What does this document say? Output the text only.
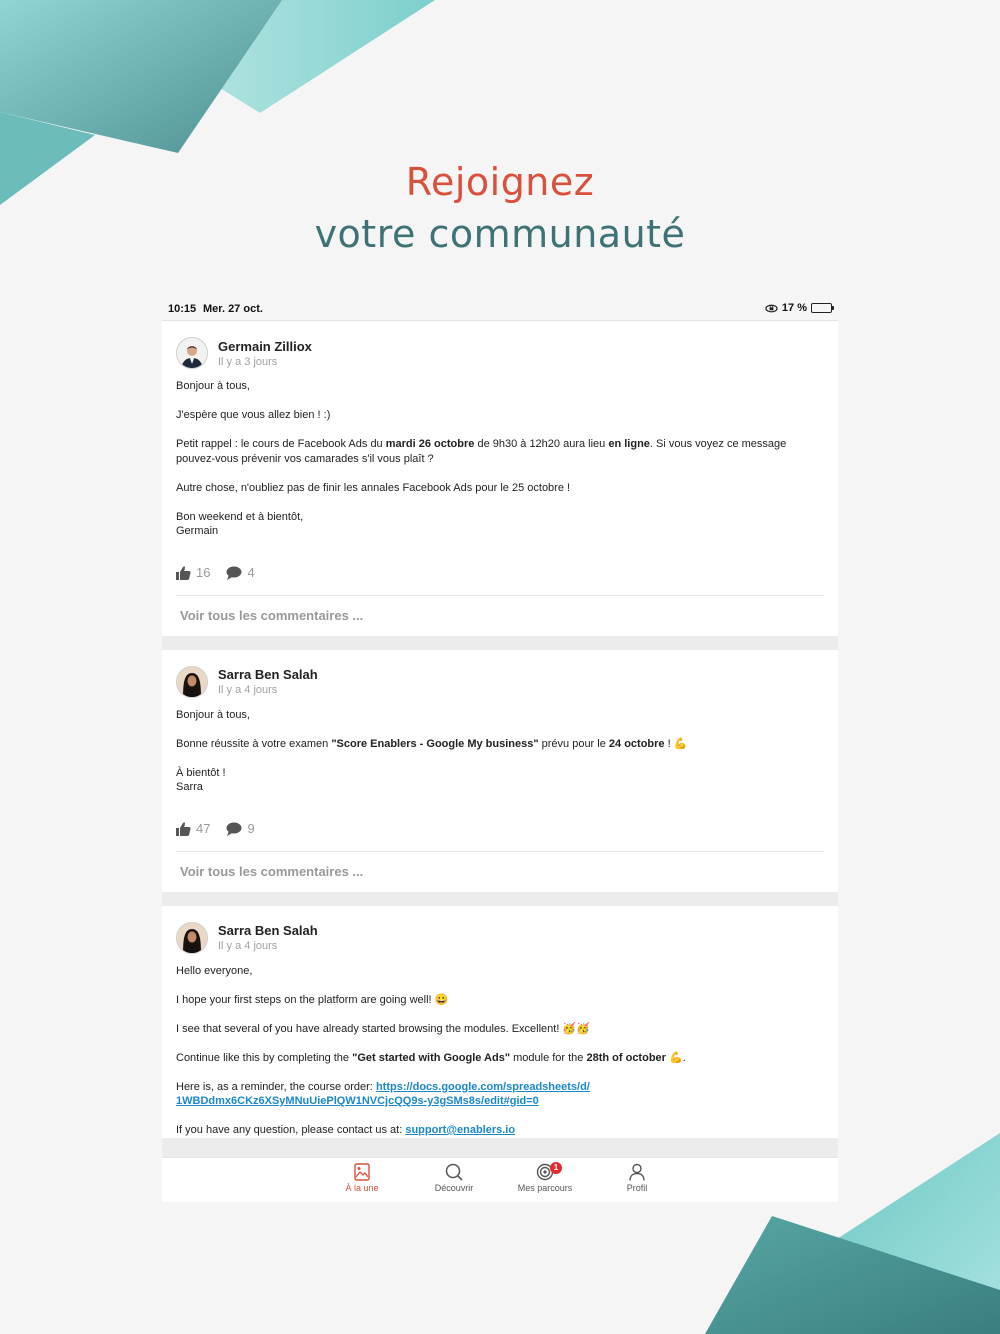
Rejoignez
votre communauté
10:15 Mer. 27 oct.	17 %
Germain Zilliox
Il y a 3 jours

Bonjour à tous,

J'espère que vous allez bien ! :)

Petit rappel : le cours de Facebook Ads du mardi 26 octobre de 9h30 à 12h20 aura lieu en ligne. Si vous voyez ce message pouvez-vous prévenir vos camarades s'il vous plaît ?

Autre chose, n'oubliez pas de finir les annales Facebook Ads pour le 25 octobre !

Bon weekend et à bientôt,
Germain

16	4
Voir tous les commentaires ...
Sarra Ben Salah
Il y a 4 jours

Bonjour à tous,

Bonne réussite à votre examen "Score Enablers - Google My business" prévu pour le 24 octobre ! 💪

À bientôt !
Sarra

47	9
Voir tous les commentaires ...
Sarra Ben Salah
Il y a 4 jours

Hello everyone,

I hope your first steps on the platform are going well! 😀

I see that several of you have already started browsing the modules. Excellent! 🥳🥳

Continue like this by completing the "Get started with Google Ads" module for the 28th of october 💪.

Here is, as a reminder, the course order: https://docs.google.com/spreadsheets/d/
1WBDdmx6CKz6XSyMNuUiePlQW1NVCjcQQ9s-y3gSMs8s/edit#gid=0

If you have any question, please contact us at: support@enablers.io

À la une	Découvrir
1
Mes parcours	Profil
